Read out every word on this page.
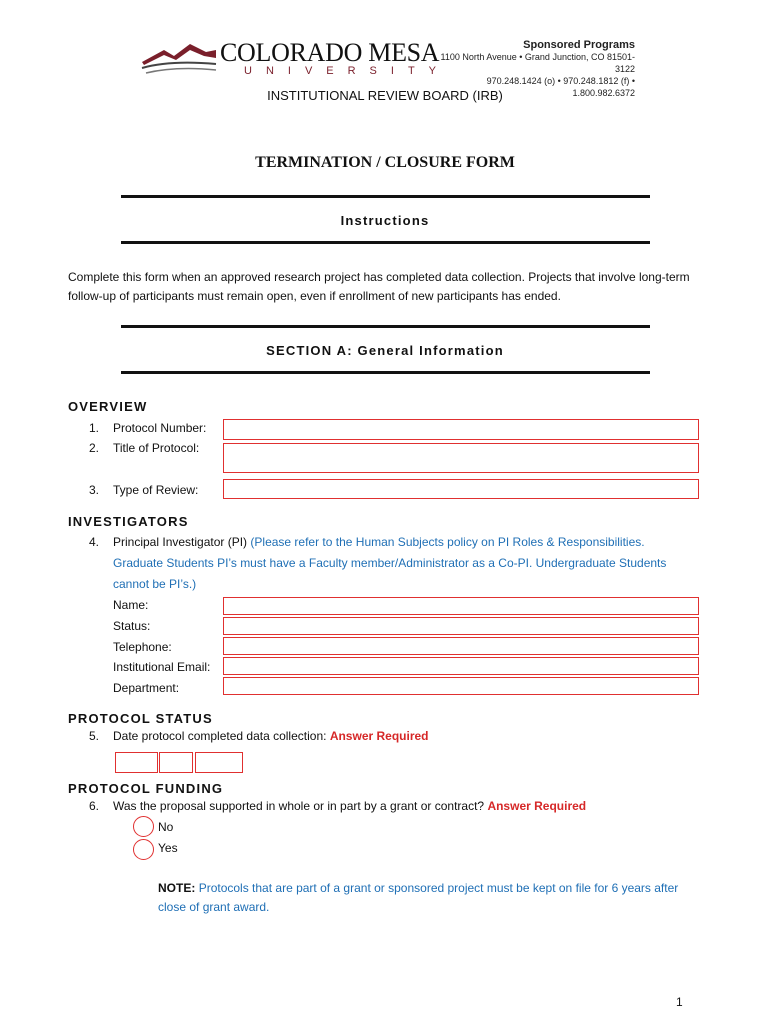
COLORADO MESA
UNIVERSITY
Sponsored Programs
1100 North Avenue • Grand Junction, CO 81501-3122
970.248.1424 (o) • 970.248.1812 (f) • 1.800.982.6372
INSTITUTIONAL REVIEW BOARD (IRB)
TERMINATION / CLOSURE FORM
Instructions
Complete this form when an approved research project has completed data collection. Projects that involve long-term follow-up of participants must remain open, even if enrollment of new participants has ended.
SECTION A: General Information
OVERVIEW
1. Protocol Number:
2. Title of Protocol:
3. Type of Review:
INVESTIGATORS
4. Principal Investigator (PI) (Please refer to the Human Subjects policy on PI Roles & Responsibilities.
Graduate Students PI’s must have a Faculty member/Administrator as a Co-PI. Undergraduate Students
cannot be PI’s.)
Name:
Status:
Telephone:
Institutional Email:
Department:
PROTOCOL STATUS
5. Date protocol completed data collection: Answer Required
PROTOCOL FUNDING
6. Was the proposal supported in whole or in part by a grant or contract? Answer Required
No
Yes
NOTE: Protocols that are part of a grant or sponsored project must be kept on file for 6 years after close of grant award.
1
